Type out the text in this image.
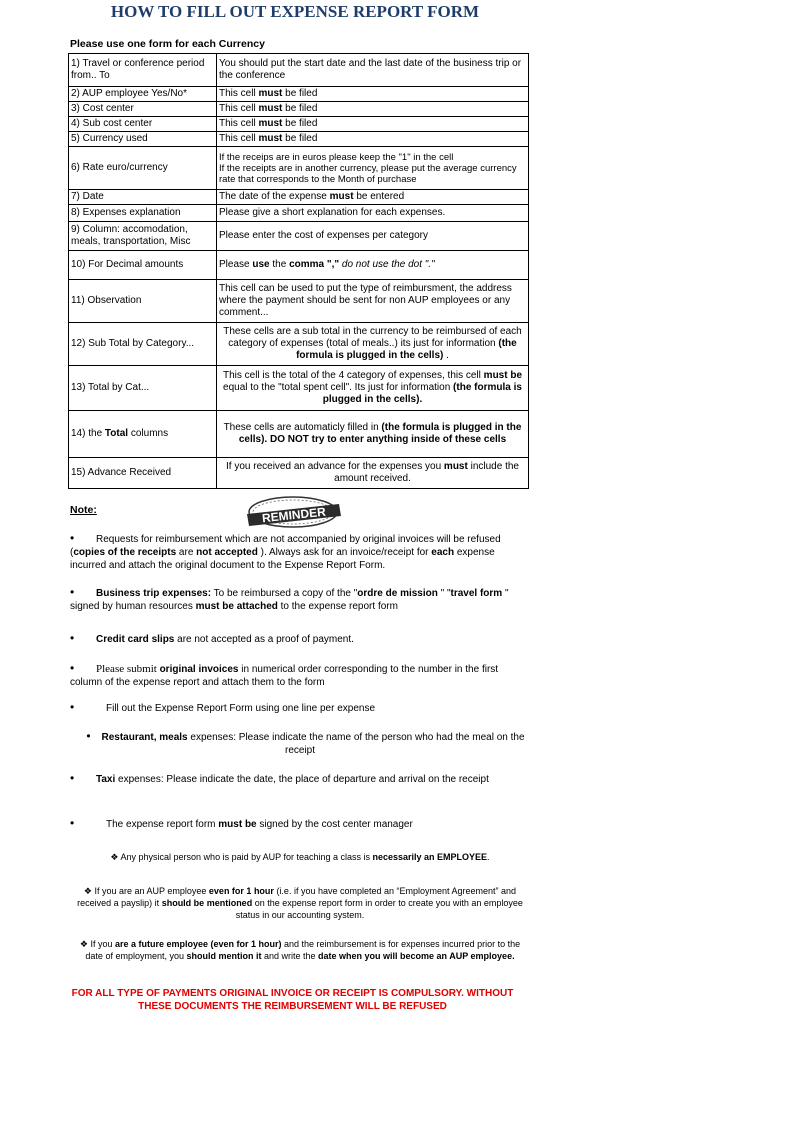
HOW TO FILL OUT EXPENSE REPORT FORM
Please use one form for each Currency
1) Travel or conference period from.. To	You should put the start date and the last date of the business trip or the conference
2) AUP employee Yes/No*	This cell must be filed
3) Cost center	This cell must be filed
4) Sub cost center	This cell must be filed
5) Currency used	This cell must be filed
6) Rate euro/currency	If the receips are in euros please keep the "1" in the cell
If the receipts are in another currency, please put the average currency rate that corresponds to the Month of purchase

7) Date	The date of the expense must be entered
8) Expenses explanation	Please give a short explanation for each expenses.
9) Column: accomodation, meals, transportation, Misc	Please enter the cost of expenses per category
10) For Decimal amounts	Please use the comma "," do not use the dot "."
11) Observation	This cell can be used to put the type of reimbursment, the address where the payment should be sent for non AUP employees or any comment...
12) Sub Total by Category...	These cells are a sub total in the currency to be reimbursed of each category of expenses (total of meals..) its just for information (the formula is plugged in the cells) .
13) Total by Cat...	This cell is the total of the 4 category of expenses, this cell must be equal to the "total spent cell". Its just for information (the formula is plugged in the cells).
14) the Total columns	These cells are automaticly filled in (the formula is plugged in the cells). DO NOT try to enter anything inside of these cells
15) Advance Received	If you received an advance for the expenses you must include the amount received.
Note:	REMINDER
• Requests for reimbursement which are not accompanied by original invoices will be refused (copies of the receipts are not accepted ). Always ask for an invoice/receipt for each expense incurred and attach the original document to the Expense Report Form.
• Business trip expenses: To be reimbursed a copy of the "ordre de mission " "travel form " signed by human resources must be attached to the expense report form
• Credit card slips are not accepted as a proof of payment.
• Please submit original invoices in numerical order corresponding to the number in the first column of the expense report and attach them to the form
•	Fill out the Expense Report Form using one line per expense
• Restaurant, meals expenses: Please indicate the name of the person who had the meal on the receipt
• Taxi expenses: Please indicate the date, the place of departure and arrival on the receipt
•	The expense report form must be signed by the cost center manager
❖ Any physical person who is paid by AUP for teaching a class is necessarily an EMPLOYEE.
❖ If you are an AUP employee even for 1 hour (i.e. if you have completed an “Employment Agreement” and received a payslip) it should be mentioned on the expense report form in order to create you with an employee status in our accounting system.
❖ If you are a future employee (even for 1 hour) and the reimbursement is for expenses incurred prior to the date of employment, you should mention it and write the date when you will become an AUP employee.
FOR ALL TYPE OF PAYMENTS ORIGINAL INVOICE OR RECEIPT IS COMPULSORY. WITHOUT THESE DOCUMENTS THE REIMBURSEMENT WILL BE REFUSED
